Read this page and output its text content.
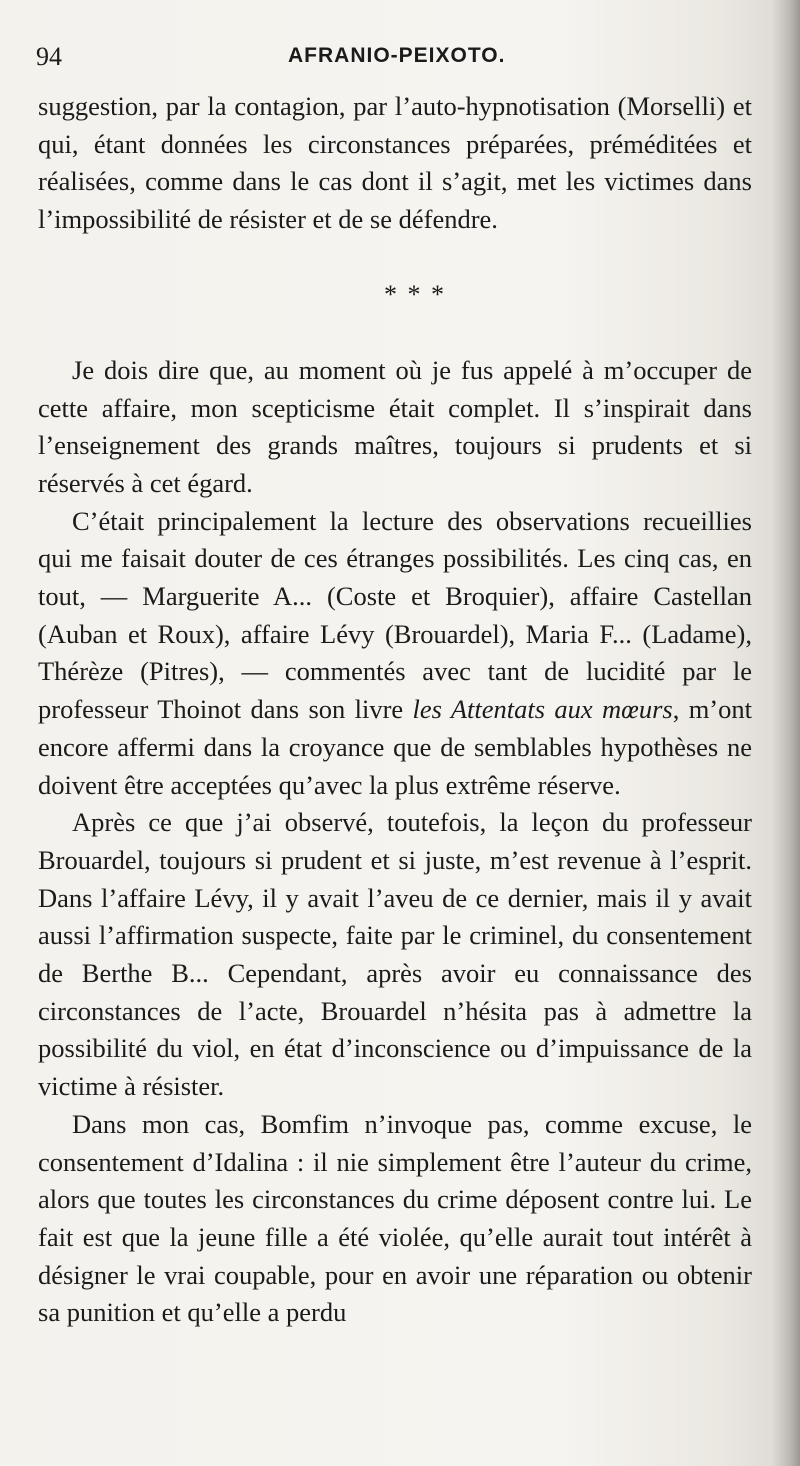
94	AFRANIO-PEIXOTO.

suggestion, par la contagion, par l’auto-hypnotisation (Morselli) et qui, étant données les circonstances préparées, préméditées et réalisées, comme dans le cas dont il s’agit, met les victimes dans l’impossibilité de résister et de se défendre.

* * *

Je dois dire que, au moment où je fus appelé à m’occuper de cette affaire, mon scepticisme était complet. Il s’inspirait dans l’enseignement des grands maîtres, toujours si prudents et si réservés à cet égard.

C’était principalement la lecture des observations recueillies qui me faisait douter de ces étranges possibilités. Les cinq cas, en tout, — Marguerite A... (Coste et Broquier), affaire Castellan (Auban et Roux), affaire Lévy (Brouardel), Maria F... (Ladame), Thérèze (Pitres), — commentés avec tant de lucidité par le professeur Thoinot dans son livre les Attentats aux mœurs, m’ont encore affermi dans la croyance que de semblables hypothèses ne doivent être acceptées qu’avec la plus extrême réserve.

Après ce que j’ai observé, toutefois, la leçon du professeur Brouardel, toujours si prudent et si juste, m’est revenue à l’esprit. Dans l’affaire Lévy, il y avait l’aveu de ce dernier, mais il y avait aussi l’affirmation suspecte, faite par le criminel, du consentement de Berthe B... Cependant, après avoir eu connaissance des circonstances de l’acte, Brouardel n’hésita pas à admettre la possibilité du viol, en état d’inconscience ou d’impuissance de la victime à résister.

Dans mon cas, Bomfim n’invoque pas, comme excuse, le consentement d’Idalina : il nie simplement être l’auteur du crime, alors que toutes les circonstances du crime déposent contre lui. Le fait est que la jeune fille a été violée, qu’elle aurait tout intérêt à désigner le vrai coupable, pour en avoir une réparation ou obtenir sa punition et qu’elle a perdu
